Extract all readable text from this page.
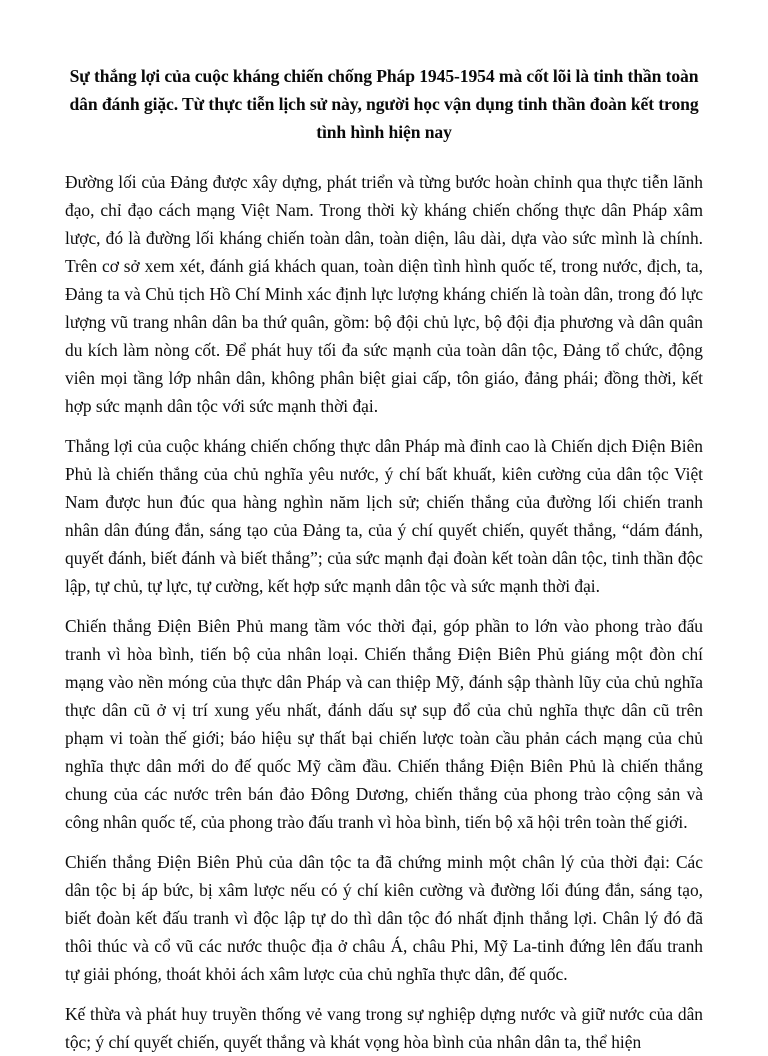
Sự thắng lợi của cuộc kháng chiến chống Pháp 1945-1954 mà cốt lõi là tinh thần toàn dân đánh giặc. Từ thực tiễn lịch sử này, người học vận dụng tinh thần đoàn kết trong tình hình hiện nay

Đường lối của Đảng được xây dựng, phát triển và từng bước hoàn chỉnh qua thực tiễn lãnh đạo, chỉ đạo cách mạng Việt Nam. Trong thời kỳ kháng chiến chống thực dân Pháp xâm lược, đó là đường lối kháng chiến toàn dân, toàn diện, lâu dài, dựa vào sức mình là chính. Trên cơ sở xem xét, đánh giá khách quan, toàn diện tình hình quốc tế, trong nước, địch, ta, Đảng ta và Chủ tịch Hồ Chí Minh xác định lực lượng kháng chiến là toàn dân, trong đó lực lượng vũ trang nhân dân ba thứ quân, gồm: bộ đội chủ lực, bộ đội địa phương và dân quân du kích làm nòng cốt. Để phát huy tối đa sức mạnh của toàn dân tộc, Đảng tổ chức, động viên mọi tầng lớp nhân dân, không phân biệt giai cấp, tôn giáo, đảng phái; đồng thời, kết hợp sức mạnh dân tộc với sức mạnh thời đại.

Thắng lợi của cuộc kháng chiến chống thực dân Pháp mà đỉnh cao là Chiến dịch Điện Biên Phủ là chiến thắng của chủ nghĩa yêu nước, ý chí bất khuất, kiên cường của dân tộc Việt Nam được hun đúc qua hàng nghìn năm lịch sử; chiến thắng của đường lối chiến tranh nhân dân đúng đắn, sáng tạo của Đảng ta, của ý chí quyết chiến, quyết thắng, “dám đánh, quyết đánh, biết đánh và biết thắng”; của sức mạnh đại đoàn kết toàn dân tộc, tinh thần độc lập, tự chủ, tự lực, tự cường, kết hợp sức mạnh dân tộc và sức mạnh thời đại.

Chiến thắng Điện Biên Phủ mang tầm vóc thời đại, góp phần to lớn vào phong trào đấu tranh vì hòa bình, tiến bộ của nhân loại. Chiến thắng Điện Biên Phủ giáng một đòn chí mạng vào nền móng của thực dân Pháp và can thiệp Mỹ, đánh sập thành lũy của chủ nghĩa thực dân cũ ở vị trí xung yếu nhất, đánh dấu sự sụp đổ của chủ nghĩa thực dân cũ trên phạm vi toàn thế giới; báo hiệu sự thất bại chiến lược toàn cầu phản cách mạng của chủ nghĩa thực dân mới do đế quốc Mỹ cầm đầu. Chiến thắng Điện Biên Phủ là chiến thắng chung của các nước trên bán đảo Đông Dương, chiến thắng của phong trào cộng sản và công nhân quốc tế, của phong trào đấu tranh vì hòa bình, tiến bộ xã hội trên toàn thế giới.

Chiến thắng Điện Biên Phủ của dân tộc ta đã chứng minh một chân lý của thời đại: Các dân tộc bị áp bức, bị xâm lược nếu có ý chí kiên cường và đường lối đúng đắn, sáng tạo, biết đoàn kết đấu tranh vì độc lập tự do thì dân tộc đó nhất định thắng lợi. Chân lý đó đã thôi thúc và cổ vũ các nước thuộc địa ở châu Á, châu Phi, Mỹ La-tinh đứng lên đấu tranh tự giải phóng, thoát khỏi ách xâm lược của chủ nghĩa thực dân, đế quốc.

Kế thừa và phát huy truyền thống vẻ vang trong sự nghiệp dựng nước và giữ nước của dân tộc; ý chí quyết chiến, quyết thắng và khát vọng hòa bình của nhân dân ta, thể hiện
